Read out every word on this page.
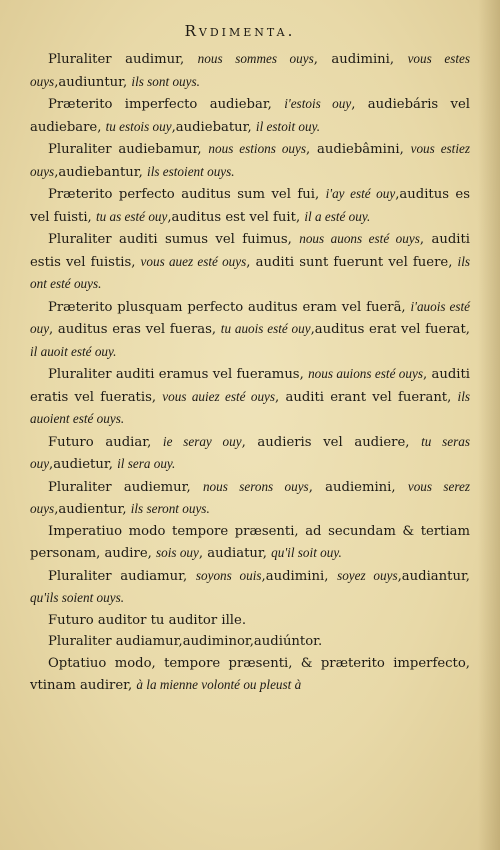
Rvdimenta.

Pluraliter audimur, nous sommes ouys, audimini, vous estes ouys,audiuntur, ils sont ouys.

Præterito imperfecto audiebar, i'estois ouy, audiebáris vel audiebare, tu estois ouy,audiebatur, il estoit ouy.

Pluraliter audiebamur, nous estions ouys, audiebâmini, vous estiez ouys,audiebantur, ils estoient ouys.

Præterito perfecto auditus sum vel fui, i'ay esté ouy,auditus es vel fuisti, tu as esté ouy,auditus est vel fuit, il a esté ouy.

Pluraliter auditi sumus vel fuimus, nous auons esté ouys, auditi estis vel fuistis, vous auez esté ouys, auditi sunt fuerunt vel fuere, ils ont esté ouys.

Præterito plusquam perfecto auditus eram vel fuerã, i'auois esté ouy, auditus eras vel fueras, tu auois esté ouy,auditus erat vel fuerat, il auoit esté ouy.

Pluraliter auditi eramus vel fueramus, nous auions esté ouys, auditi eratis vel fueratis, vous auiez esté ouys, auditi erant vel fuerant, ils auoient esté ouys.

Futuro audiar, ie seray ouy, audieris vel audiere, tu seras ouy,audietur, il sera ouy.

Pluraliter audiemur, nous serons ouys, audiemini, vous serez ouys,audientur, ils seront ouys.

Imperatiuo modo tempore præsenti, ad secundam & tertiam personam, audire, sois ouy, audiatur, qu'il soit ouy.

Pluraliter audiamur, soyons ouis,audimini, soyez ouys,audiantur, qu'ils soient ouys.

Futuro auditor tu auditor ille.

Pluraliter audiamur,audiminor,audiúntor.

Optatiuo modo, tempore præsenti, & præterito imperfecto, vtinam audirer, à la mienne volonté ou pleust à
